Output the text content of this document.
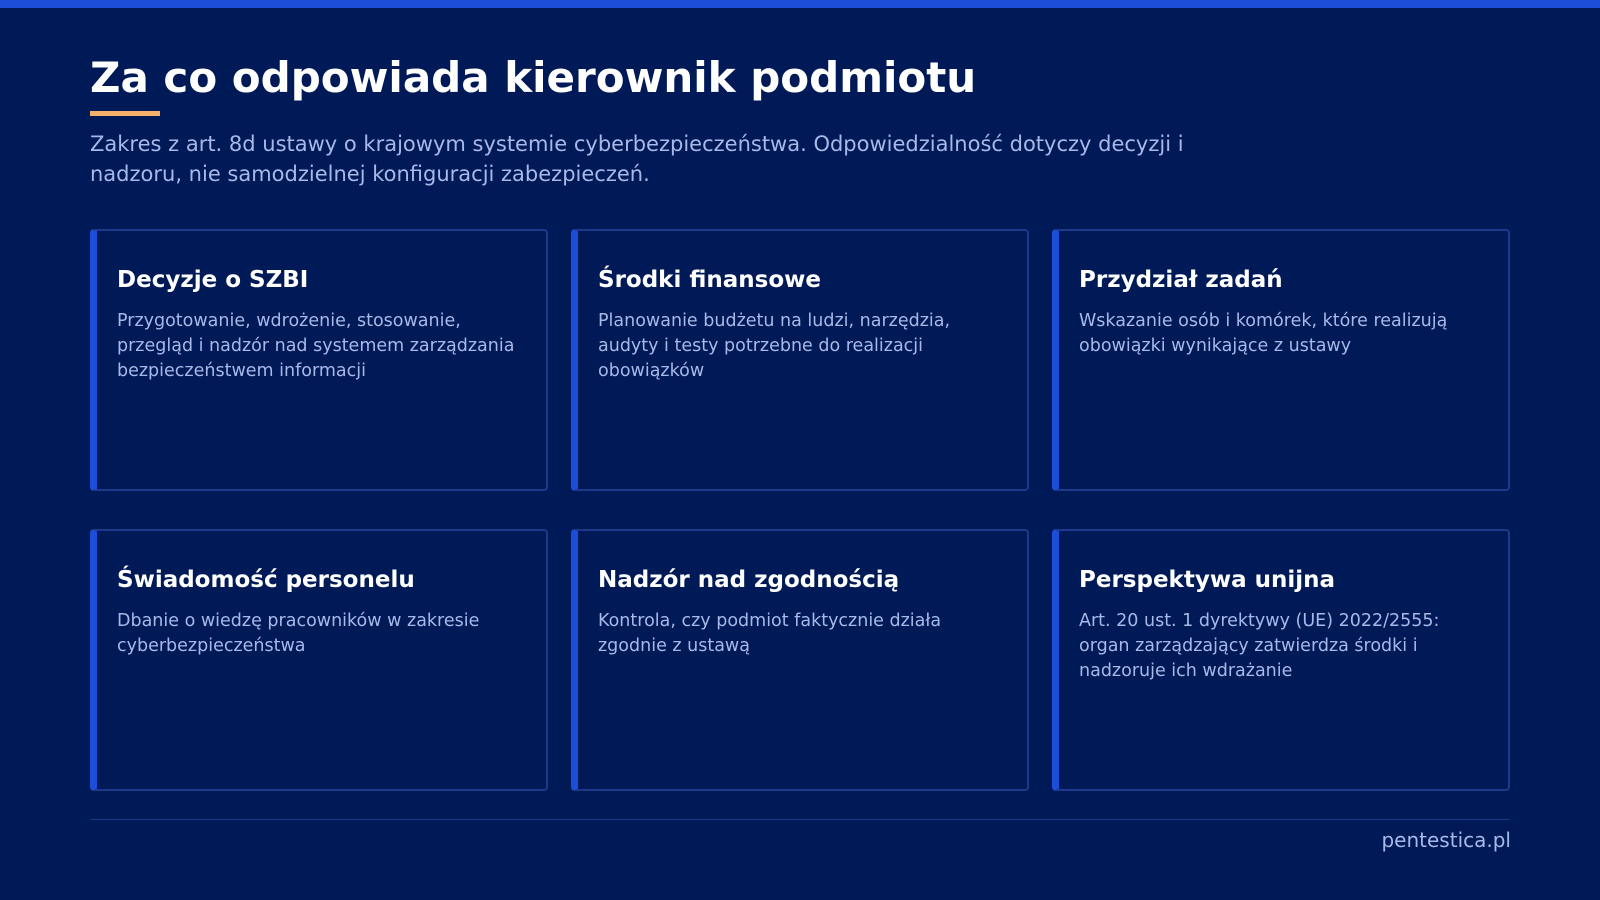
Za co odpowiada kierownik podmiotu

Zakres z art. 8d ustawy o krajowym systemie cyberbezpieczeństwa. Odpowiedzialność dotyczy decyzji i nadzoru, nie samodzielnej konfiguracji zabezpieczeń.

Decyzje o SZBI

Przygotowanie, wdrożenie, stosowanie, przegląd i nadzór nad systemem zarządzania bezpieczeństwem informacji

Środki finansowe

Planowanie budżetu na ludzi, narzędzia, audyty i testy potrzebne do realizacji obowiązków

Przydział zadań

Wskazanie osób i komórek, które realizują obowiązki wynikające z ustawy

Świadomość personelu

Dbanie o wiedzę pracowników w zakresie cyberbezpieczeństwa

Nadzór nad zgodnością

Kontrola, czy podmiot faktycznie działa zgodnie z ustawą

Perspektywa unijna

Art. 20 ust. 1 dyrektywy (UE) 2022/2555: organ zarządzający zatwierdza środki i nadzoruje ich wdrażanie

pentestica.pl
